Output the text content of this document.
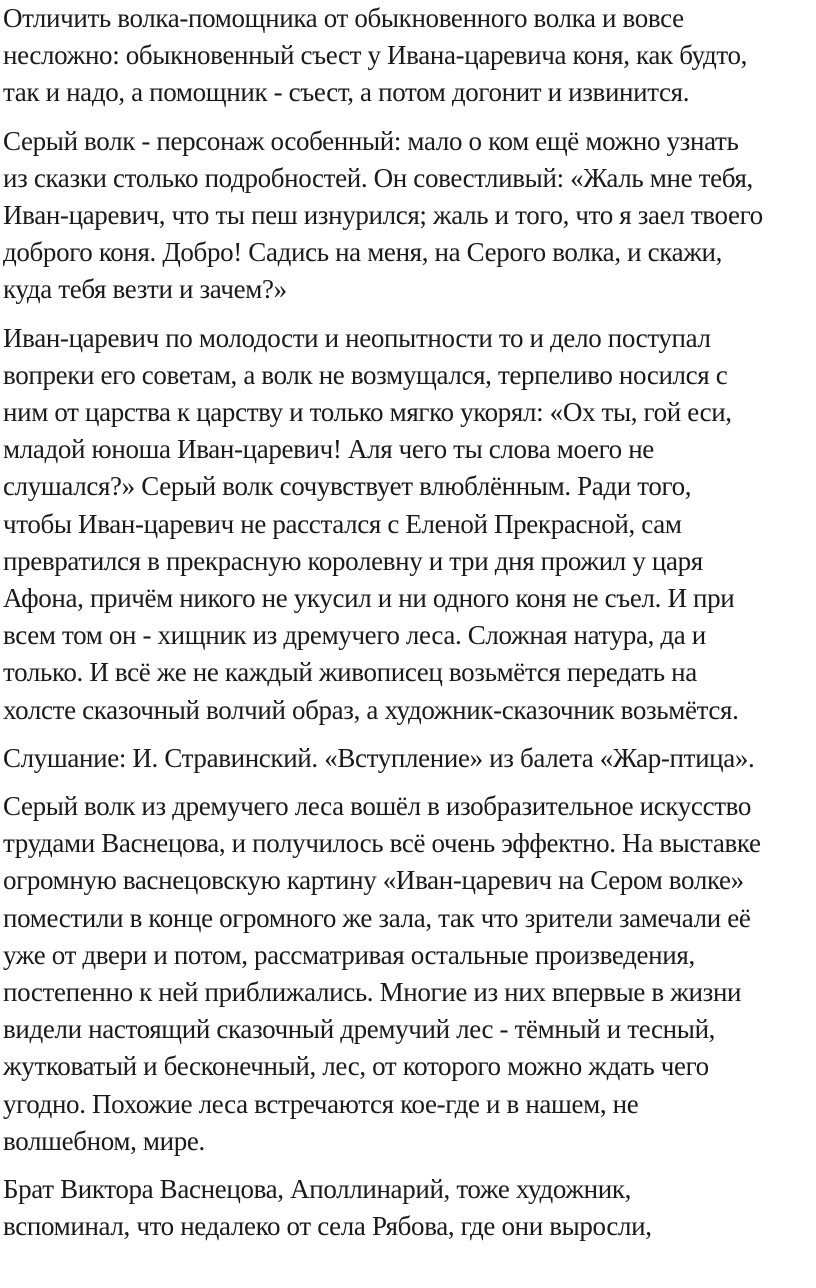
Отличить волка-помощника от обыкновенного волка и вовсе
несложно: обыкновенный съест у Ивана-царевича коня, как будто,
так и надо, а помощник - съест, а потом догонит и извинится.

Серый волк - персонаж особенный: мало о ком ещё можно узнать
из сказки столько подробностей. Он совестливый: «Жаль мне тебя,
Иван-царевич, что ты пеш изнурился; жаль и того, что я заел твоего
доброго коня. Добро! Садись на меня, на Серого волка, и скажи,
куда тебя везти и зачем?»

Иван-царевич по молодости и неопытности то и дело поступал
вопреки его советам, а волк не возмущался, терпеливо носился с
ним от царства к царству и только мягко укорял: «Ох ты, гой еси,
младой юноша Иван-царевич! Аля чего ты слова моего не
слушался?» Серый волк сочувствует влюблённым. Ради того,
чтобы Иван-царевич не расстался с Еленой Прекрасной, сам
превратился в прекрасную королевну и три дня прожил у царя
Афона, причём никого не укусил и ни одного коня не съел. И при
всем том он - хищник из дремучего леса. Сложная натура, да и
только. И всё же не каждый живописец возьмётся передать на
холсте сказочный волчий образ, а художник-сказочник возьмётся.

Слушание: И. Стравинский. «Вступление» из балета «Жар-птица».

Серый волк из дремучего леса вошёл в изобразительное искусство
трудами Васнецова, и получилось всё очень эффектно. На выставке
огромную васнецовскую картину «Иван-царевич на Сером волке»
поместили в конце огромного же зала, так что зрители замечали её
уже от двери и потом, рассматривая остальные произведения,
постепенно к ней приближались. Многие из них впервые в жизни
видели настоящий сказочный дремучий лес - тёмный и тесный,
жутковатый и бесконечный, лес, от которого можно ждать чего
угодно. Похожие леса встречаются кое-где и в нашем, не
волшебном, мире.

Брат Виктора Васнецова, Аполлинарий, тоже художник,
вспоминал, что недалеко от села Рябова, где они выросли,
